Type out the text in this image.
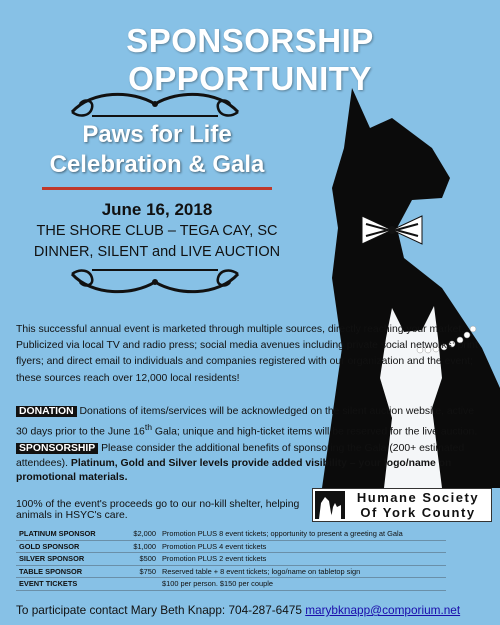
SPONSORSHIP OPPORTUNITY
Paws for Life
Celebration & Gala
June 16, 2018
THE SHORE CLUB – TEGA CAY, SC
DINNER, SILENT and LIVE AUCTION
This successful annual event is marketed through multiple sources, directly reaching your market. Publicized via local TV and radio press; social media avenues including private social networks; print flyers; and direct email to individuals and companies registered with our organization and the event; these sources reach over 12,000 local residents!
DONATION Donations of items/services will be acknowledged on the silent auction website, active 30 days prior to the June 16th Gala; unique and high-ticket items will be reserved for the live auction.
SPONSORSHIP Please consider the additional benefits of sponsoring the Gala (200+ estimated attendees). Platinum, Gold and Silver levels provide added visibility – your logo/name on promotional materials.
100% of the event's proceeds go to our no-kill shelter, helping animals in HSYC's care.
Humane Society
Of York County
PLATINUM SPONSOR	$2,000 Promotion PLUS 8 event tickets; opportunity to present a greeting at Gala
GOLD SPONSOR	$1,000 Promotion PLUS 4 event tickets
SILVER SPONSOR	$500 Promotion PLUS 2 event tickets
TABLE SPONSOR	$750 Reserved table + 8 event tickets; logo/name on tabletop sign
EVENT TICKETS	$100 per person. $150 per couple
To participate contact Mary Beth Knapp: 704-287-6475 marybknapp@comporium.net
